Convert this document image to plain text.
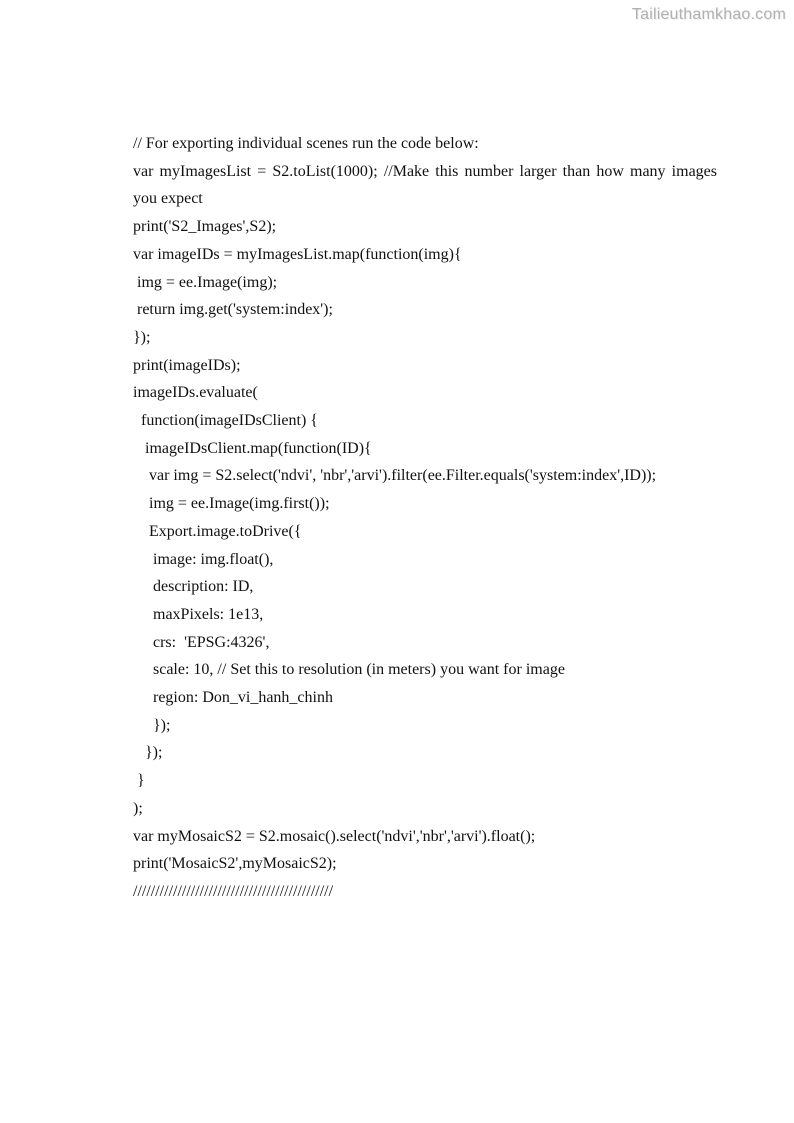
Tailieuthamkhao.com
// For exporting individual scenes run the code below:
var myImagesList = S2.toList(1000); //Make this number larger than how many images
you expect
print('S2_Images',S2);
var imageIDs = myImagesList.map(function(img){
img = ee.Image(img);
return img.get('system:index');
});
print(imageIDs);
imageIDs.evaluate(
function(imageIDsClient) {
imageIDsClient.map(function(ID){
var img = S2.select('ndvi', 'nbr','arvi').filter(ee.Filter.equals('system:index',ID));
img = ee.Image(img.first());
Export.image.toDrive({
image: img.float(),
description: ID,
maxPixels: 1e13,
crs:  'EPSG:4326',
scale: 10, // Set this to resolution (in meters) you want for image
region: Don_vi_hanh_chinh
});
});
}
);
var myMosaicS2 = S2.mosaic().select('ndvi','nbr','arvi').float();
print('MosaicS2',myMosaicS2);
/////////////////////////////////////////////
